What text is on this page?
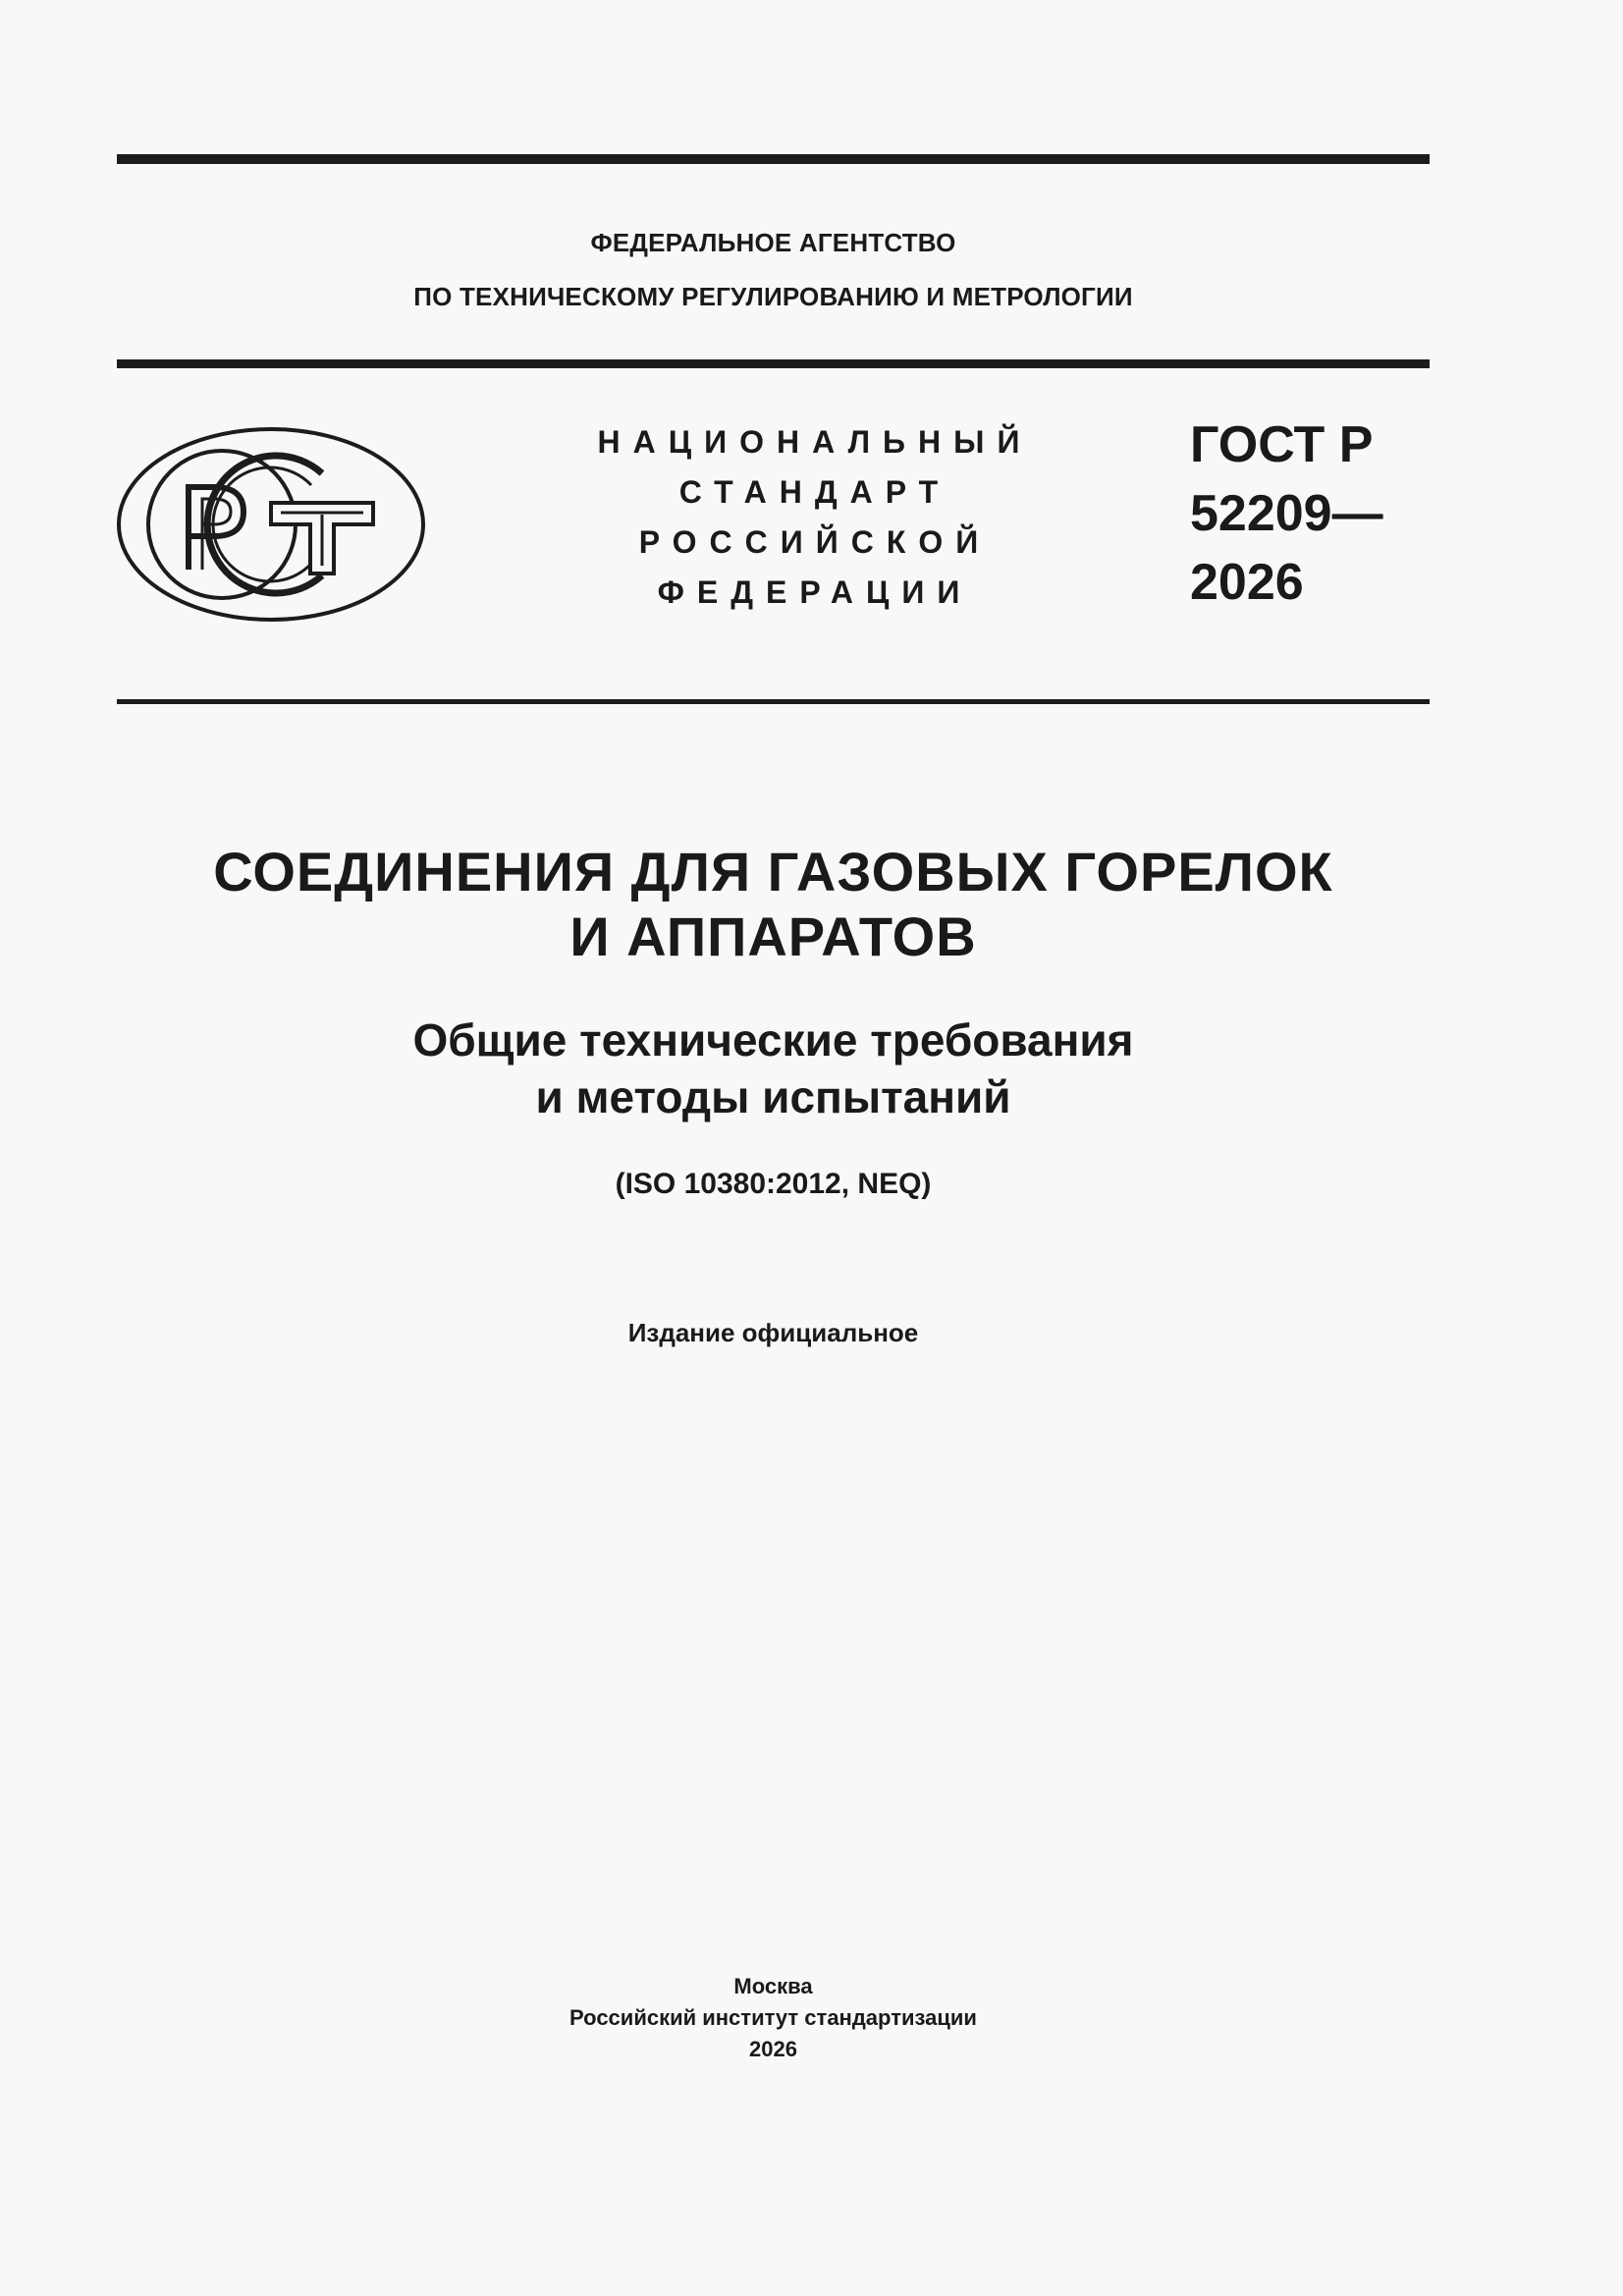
ФЕДЕРАЛЬНОЕ АГЕНТСТВО
ПО ТЕХНИЧЕСКОМУ РЕГУЛИРОВАНИЮ И МЕТРОЛОГИИ
НАЦИОНАЛЬНЫЙ
СТАНДАРТ
РОССИЙСКОЙ
ФЕДЕРАЦИИ
ГОСТ Р
52209—
2026
СОЕДИНЕНИЯ ДЛЯ ГАЗОВЫХ ГОРЕЛОК
И АППАРАТОВ
Общие технические требования
и методы испытаний
(ISO 10380:2012, NEQ)
Издание официальное
Москва
Российский институт стандартизации
2026
